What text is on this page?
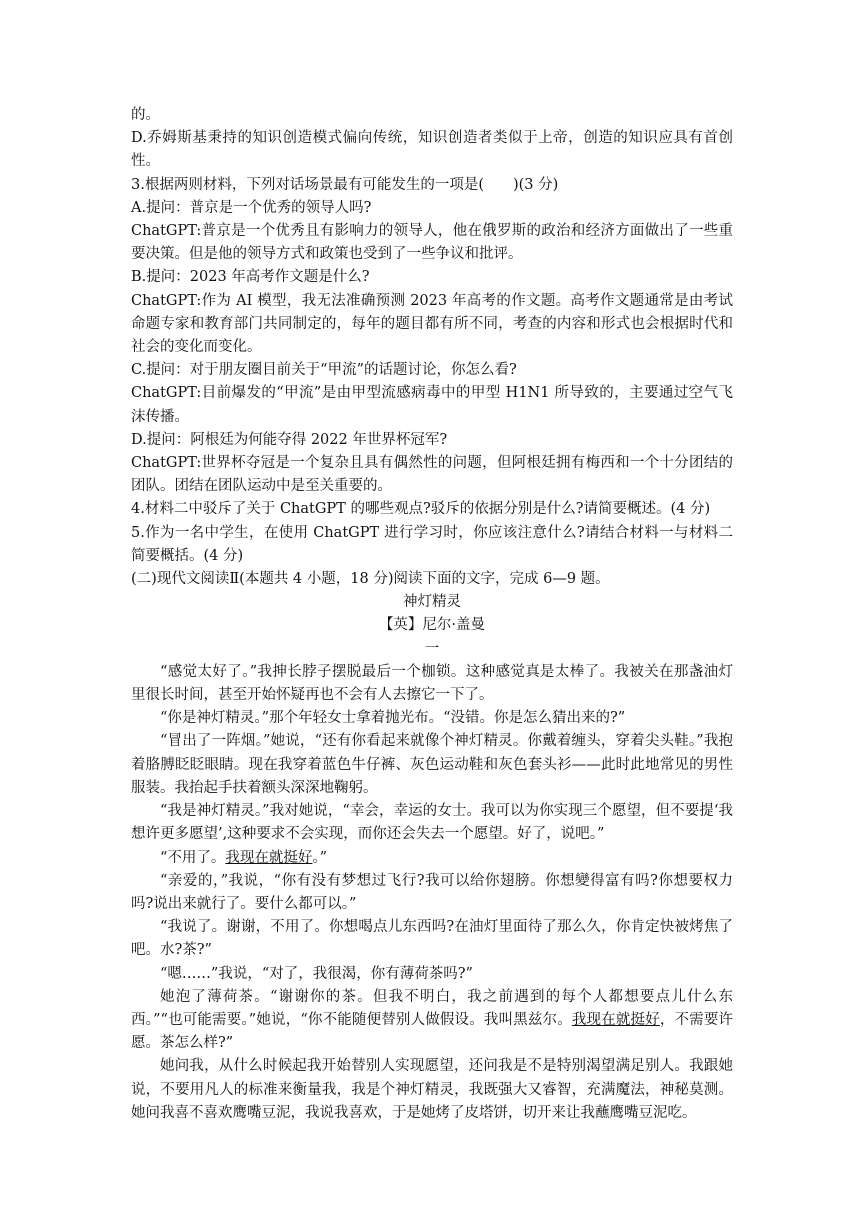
的。

D.乔姆斯基秉持的知识创造模式偏向传统，知识创造者类似于上帝，创造的知识应具有首创性。

3.根据两则材料，下列对话场景最有可能发生的一项是(　　)(3 分)

A.提问：普京是一个优秀的领导人吗?

ChatGPT:普京是一个优秀且有影响力的领导人，他在俄罗斯的政治和经济方面做出了一些重要决策。但是他的领导方式和政策也受到了一些争议和批评。

B.提问：2023 年高考作文题是什么?

ChatGPT:作为 AI 模型，我无法准确预测 2023 年高考的作文题。高考作文题通常是由考试命题专家和教育部门共同制定的，每年的题目都有所不同，考查的内容和形式也会根据时代和社会的变化而变化。

C.提问：对于朋友圈目前关于“甲流”的话题讨论，你怎么看?

ChatGPT:目前爆发的“甲流”是由甲型流感病毒中的甲型 H1N1 所导致的，主要通过空气飞沫传播。

D.提问：阿根廷为何能夺得 2022 年世界杯冠军?

ChatGPT:世界杯夺冠是一个复杂且具有偶然性的问题，但阿根廷拥有梅西和一个十分团结的团队。团结在团队运动中是至关重要的。

4.材料二中驳斥了关于 ChatGPT 的哪些观点?驳斥的依据分别是什么?请简要概述。(4 分)

5.作为一名中学生，在使用 ChatGPT 进行学习时，你应该注意什么?请结合材料一与材料二简要概括。(4 分)

(二)现代文阅读Ⅱ(本题共 4 小题，18 分)阅读下面的文字，完成 6—9 题。

神灯精灵

【英】尼尔·盖曼

一

“感觉太好了。”我抻长脖子摆脱最后一个枷锁。这种感觉真是太棒了。我被关在那盏油灯里很长时间，甚至开始怀疑再也不会有人去擦它一下了。

“你是神灯精灵。”那个年轻女士拿着抛光布。“没错。你是怎么猜出来的?”

“冒出了一阵烟。”她说，“还有你看起来就像个神灯精灵。你戴着缠头，穿着尖头鞋。”我抱着胳膊眨眨眼睛。现在我穿着蓝色牛仔裤、灰色运动鞋和灰色套头衫——此时此地常见的男性服装。我抬起手扶着额头深深地鞠躬。

“我是神灯精灵。”我对她说，“幸会，幸运的女士。我可以为你实现三个愿望，但不要提‘我想许更多愿望’,这种要求不会实现，而你还会失去一个愿望。好了，说吧。”

“不用了。我现在就挺好。”

“亲爱的，”我说，“你有没有梦想过飞行?我可以给你翅膀。你想變得富有吗?你想要权力吗?说出来就行了。要什么都可以。”

“我说了。谢谢，不用了。你想喝点儿东西吗?在油灯里面待了那么久，你肯定快被烤焦了吧。水?茶?”

“嗯……”我说，“对了，我很渴，你有薄荷茶吗?”

她泡了薄荷茶。“谢谢你的茶。但我不明白，我之前遇到的每个人都想要点儿什么东西。”“也可能需要。”她说，“你不能随便替别人做假设。我叫黑兹尔。我现在就挺好，不需要许愿。茶怎么样?”

她问我，从什么时候起我开始替别人实现愿望，还问我是不是特别渴望满足别人。我跟她说，不要用凡人的标准来衡量我，我是个神灯精灵，我既强大又睿智，充满魔法，神秘莫测。她问我喜不喜欢鹰嘴豆泥，我说我喜欢，于是她烤了皮塔饼，切开来让我蘸鹰嘴豆泥吃。
